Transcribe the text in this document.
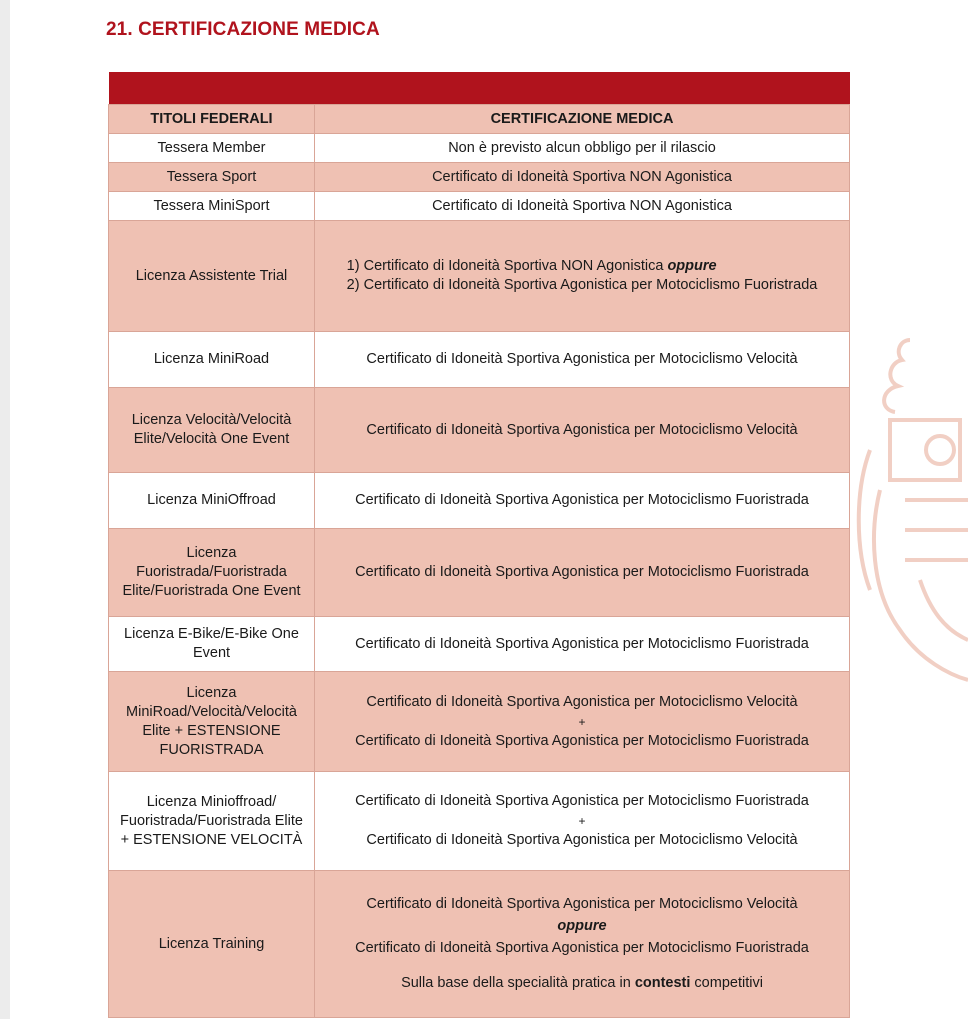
21. CERTIFICAZIONE MEDICA

TITOLI FEDERALI	CERTIFICAZIONE MEDICA
Tessera Member	Non è previsto alcun obbligo per il rilascio
Tessera Sport	Certificato di Idoneità Sportiva NON Agonistica
Tessera MiniSport	Certificato di Idoneità Sportiva NON Agonistica
Licenza Assistente Trial	1) Certificato di Idoneità Sportiva NON Agonistica oppure
2) Certificato di Idoneità Sportiva Agonistica per Motociclismo Fuoristrada

Licenza MiniRoad	Certificato di Idoneità Sportiva Agonistica per Motociclismo Velocità
Licenza Velocità/Velocità Elite/Velocità One Event	Certificato di Idoneità Sportiva Agonistica per Motociclismo Velocità
Licenza MiniOffroad	Certificato di Idoneità Sportiva Agonistica per Motociclismo Fuoristrada
Licenza Fuoristrada/Fuoristrada Elite/Fuoristrada One Event	Certificato di Idoneità Sportiva Agonistica per Motociclismo Fuoristrada
Licenza E-Bike/E-Bike One Event	Certificato di Idoneità Sportiva Agonistica per Motociclismo Fuoristrada
Licenza MiniRoad/Velocità/Velocità Elite + ESTENSIONE FUORISTRADA	Certificato di Idoneità Sportiva Agonistica per Motociclismo Velocità
+
Certificato di Idoneità Sportiva Agonistica per Motociclismo Fuoristrada

Licenza Minioffroad/ Fuoristrada/Fuoristrada Elite + ESTENSIONE VELOCITÀ	Certificato di Idoneità Sportiva Agonistica per Motociclismo Fuoristrada
+
Certificato di Idoneità Sportiva Agonistica per Motociclismo Velocità

Licenza Training	Certificato di Idoneità Sportiva Agonistica per Motociclismo Velocità
oppure
Certificato di Idoneità Sportiva Agonistica per Motociclismo Fuoristrada
Sulla base della specialità pratica in contesti competitivi
